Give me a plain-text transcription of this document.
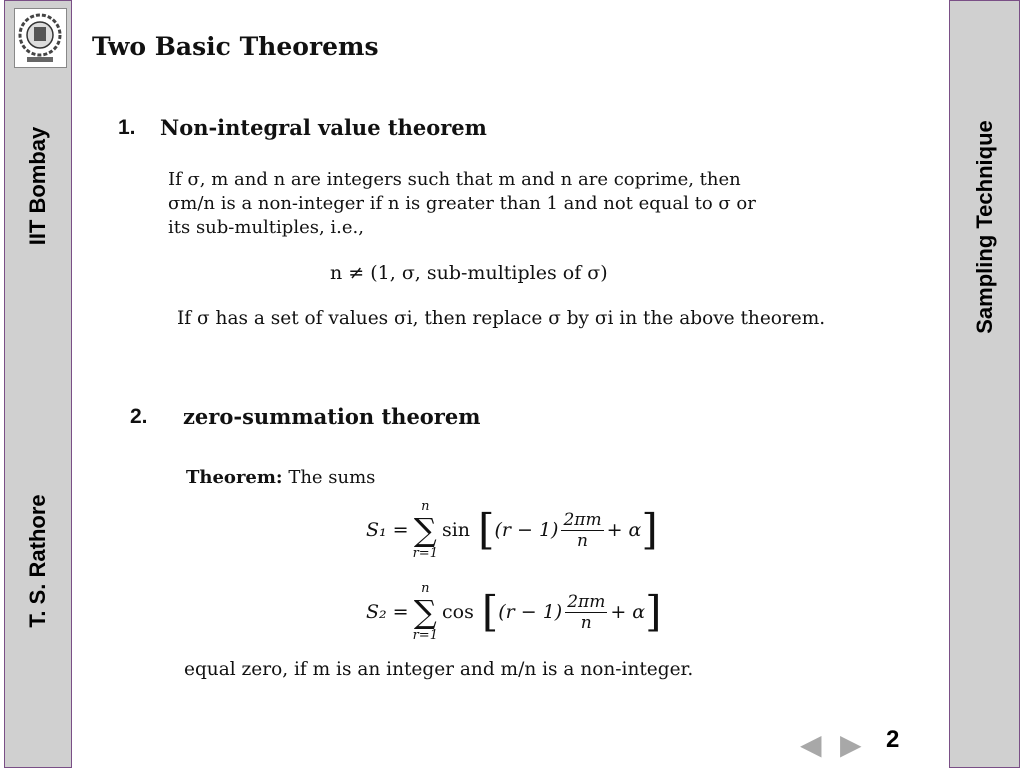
IIT Bombay
T. S. Rathore
Sampling Technique
Two Basic Theorems
1. Non-integral value theorem
If σ, m and n are integers such that m and n are coprime, then
σm/n is a non-integer if n is greater than 1 and not equal to σ or
its sub-multiples, i.e.,
n ≠ (1, σ, sub-multiples of σ)
If σ has a set of values σi, then replace σ by σi in the above theorem.
2. zero-summation theorem
Theorem: The sums
S₁ =
n
∑
r=1
sin [ $(r - 1) \frac{2\pi m}{n} + \alpha$ ]
S₂ =
n
∑
r=1
cos [ $(r - 1) \frac{2\pi m}{n} + \alpha$ ]
equal zero, if m is an integer and m/n is a non-integer.
◀ ▶ 2
